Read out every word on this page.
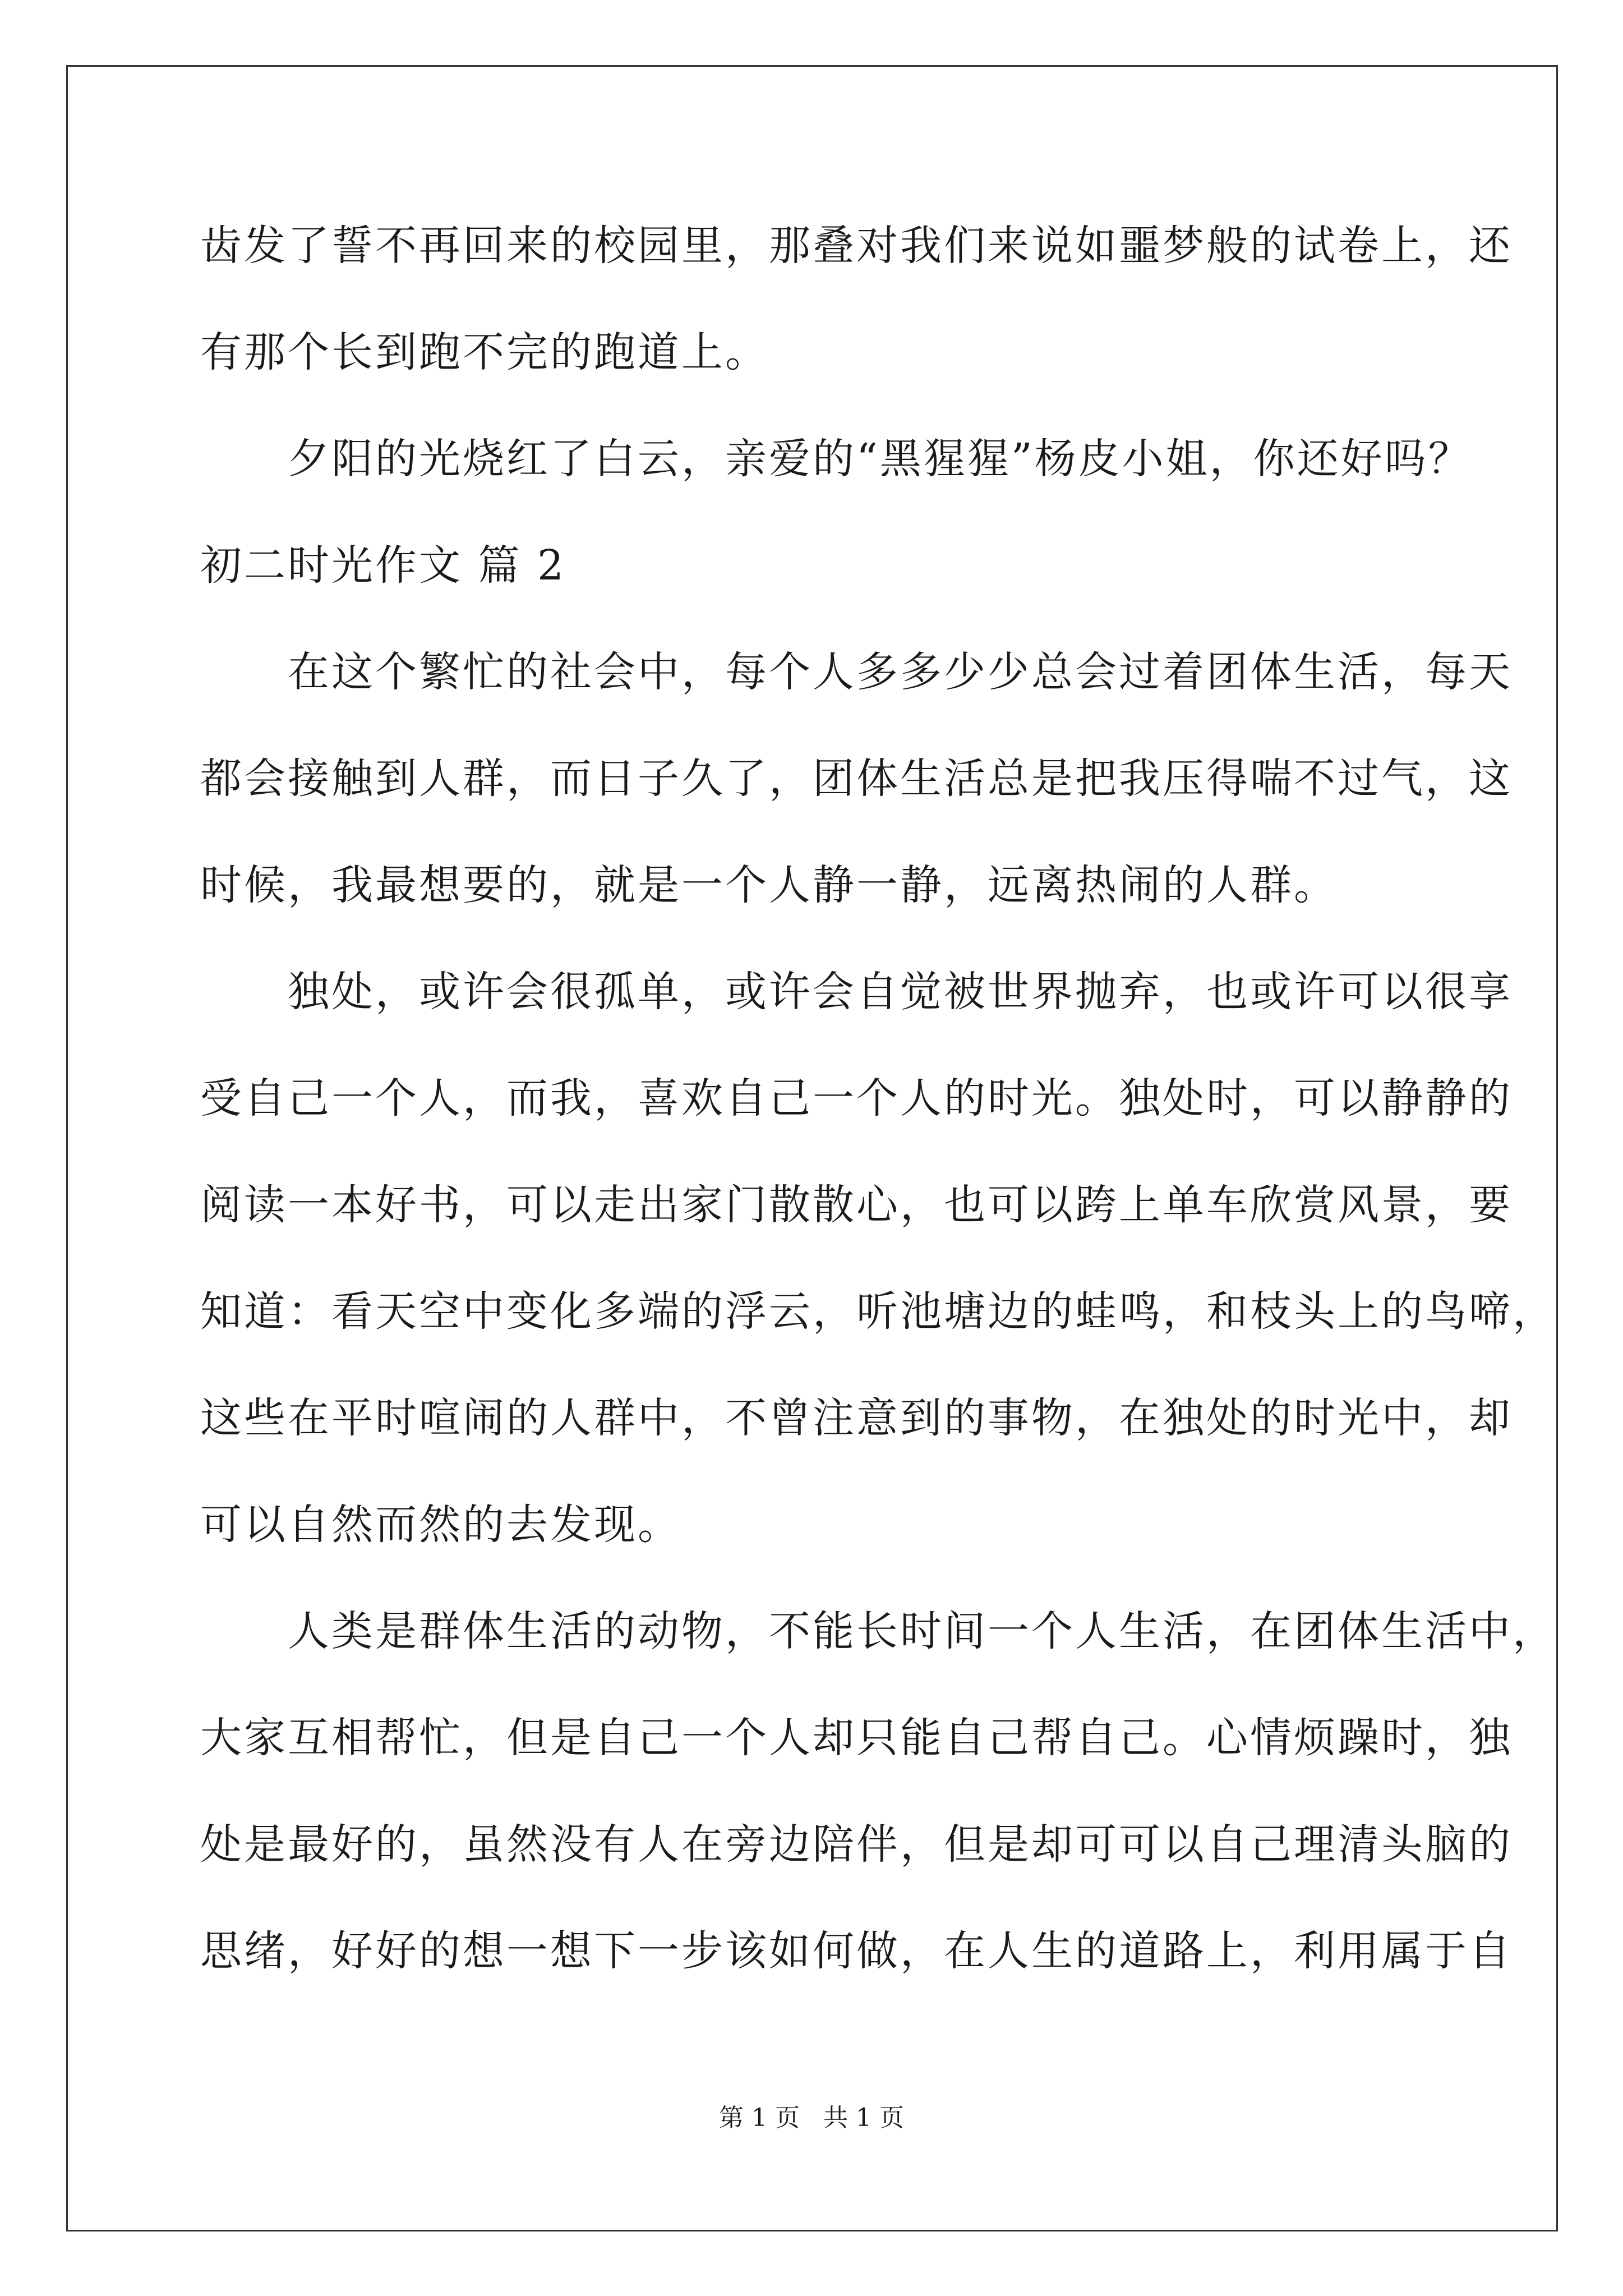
齿发了誓不再回来的校园里，那叠对我们来说如噩梦般的试卷上，还
有那个长到跑不完的跑道上。
　　夕阳的光烧红了白云，亲爱的“黑猩猩”杨皮小姐，你还好吗？
初二时光作文 篇 2
　　在这个繁忙的社会中，每个人多多少少总会过着团体生活，每天
都会接触到人群，而日子久了，团体生活总是把我压得喘不过气，这
时候，我最想要的，就是一个人静一静，远离热闹的人群。
　　独处，或许会很孤单，或许会自觉被世界抛弃，也或许可以很享
受自己一个人，而我，喜欢自己一个人的时光。独处时，可以静静的
阅读一本好书，可以走出家门散散心，也可以跨上单车欣赏风景，要
知道：看天空中变化多端的浮云，听池塘边的蛙鸣，和枝头上的鸟啼，
这些在平时喧闹的人群中，不曾注意到的事物，在独处的时光中，却
可以自然而然的去发现。
　　人类是群体生活的动物，不能长时间一个人生活，在团体生活中，
大家互相帮忙，但是自己一个人却只能自己帮自己。心情烦躁时，独
处是最好的，虽然没有人在旁边陪伴，但是却可可以自己理清头脑的
思绪，好好的想一想下一步该如何做，在人生的道路上，利用属于自
第 1 页 共 1 页
